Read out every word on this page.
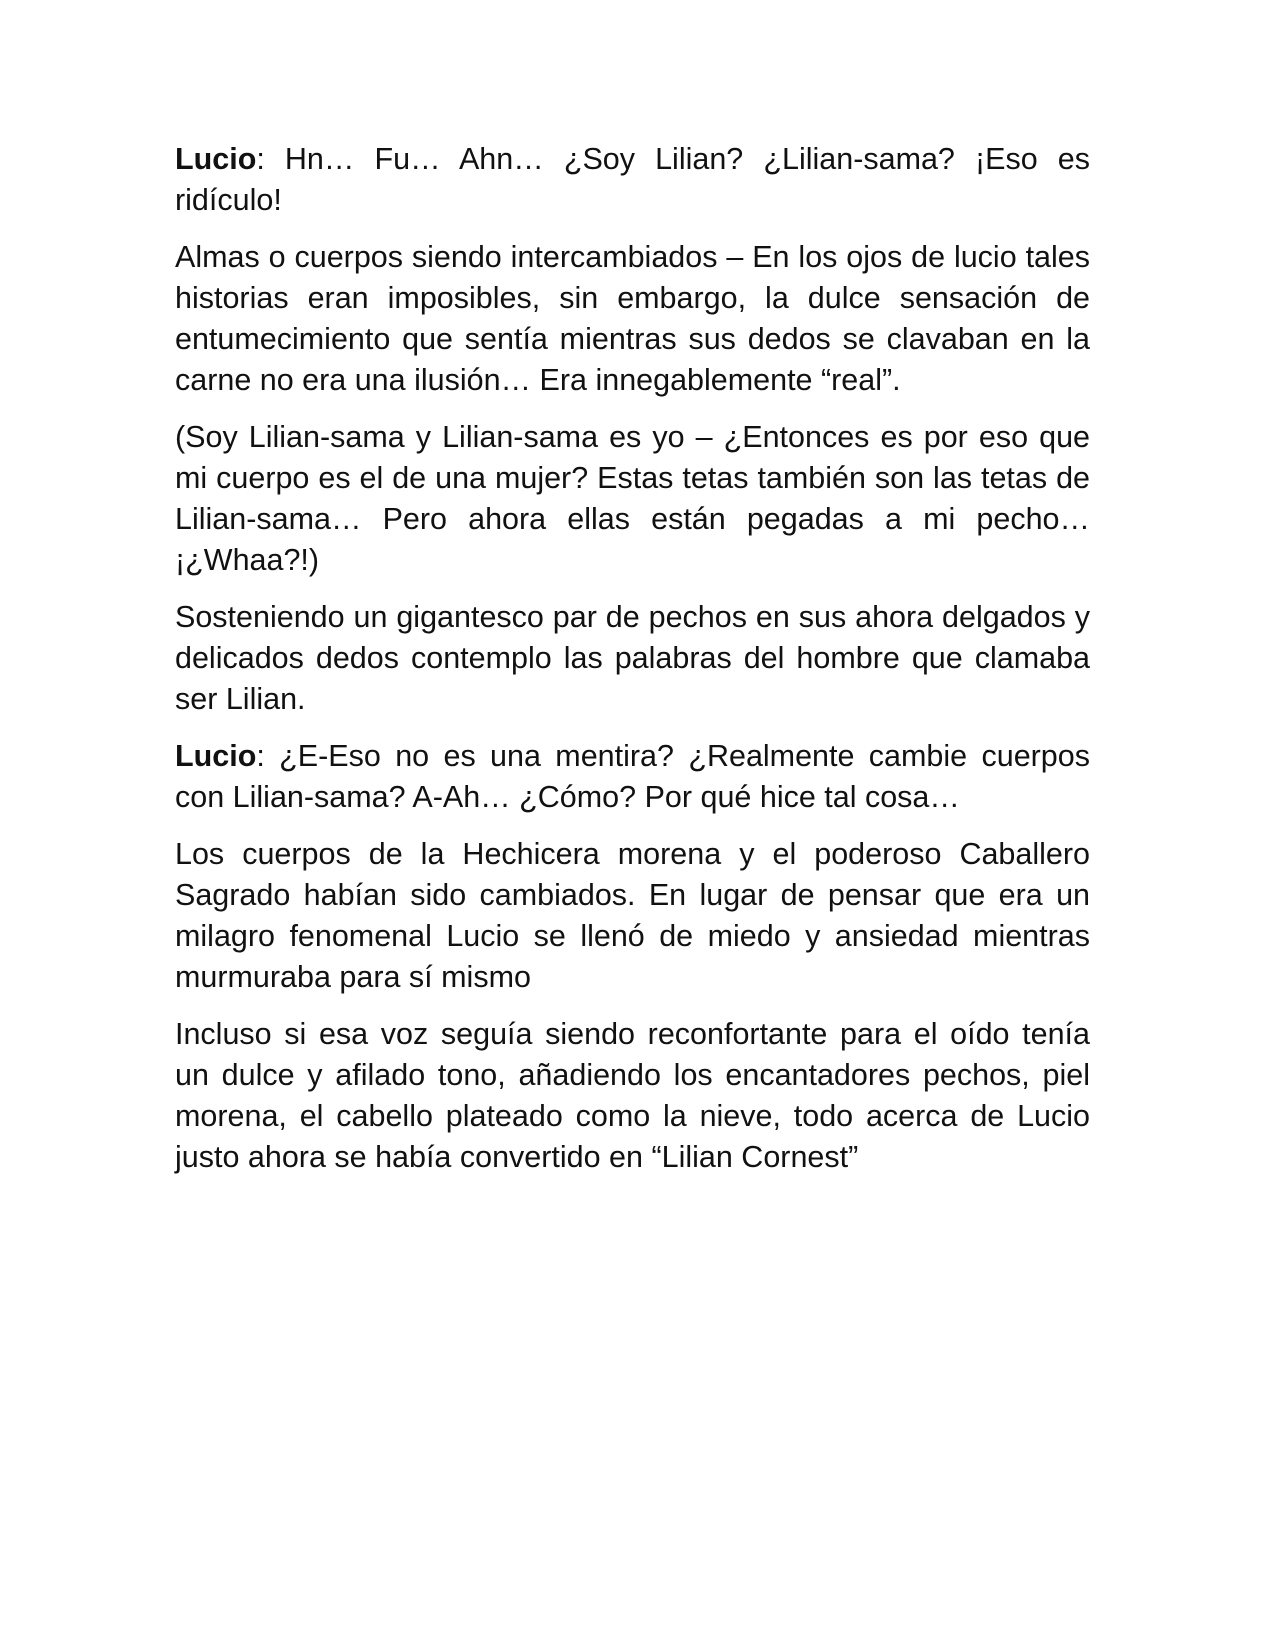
Lucio: Hn… Fu… Ahn… ¿Soy Lilian? ¿Lilian-sama? ¡Eso es ridículo!

Almas o cuerpos siendo intercambiados – En los ojos de lucio tales historias eran imposibles, sin embargo, la dulce sensación de entumecimiento que sentía mientras sus dedos se clavaban en la carne no era una ilusión… Era innegablemente “real”.

(Soy Lilian-sama y Lilian-sama es yo – ¿Entonces es por eso que mi cuerpo es el de una mujer? Estas tetas también son las tetas de Lilian-sama… Pero ahora ellas están pegadas a mi pecho… ¡¿Whaa?!)

Sosteniendo un gigantesco par de pechos en sus ahora delgados y delicados dedos contemplo las palabras del hombre que clamaba ser Lilian.

Lucio: ¿E-Eso no es una mentira? ¿Realmente cambie cuerpos con Lilian-sama? A-Ah… ¿Cómo? Por qué hice tal cosa…

Los cuerpos de la Hechicera morena y el poderoso Caballero Sagrado habían sido cambiados. En lugar de pensar que era un milagro fenomenal Lucio se llenó de miedo y ansiedad mientras murmuraba para sí mismo

Incluso si esa voz seguía siendo reconfortante para el oído tenía un dulce y afilado tono, añadiendo los encantadores pechos, piel morena, el cabello plateado como la nieve, todo acerca de Lucio justo ahora se había convertido en “Lilian Cornest”
